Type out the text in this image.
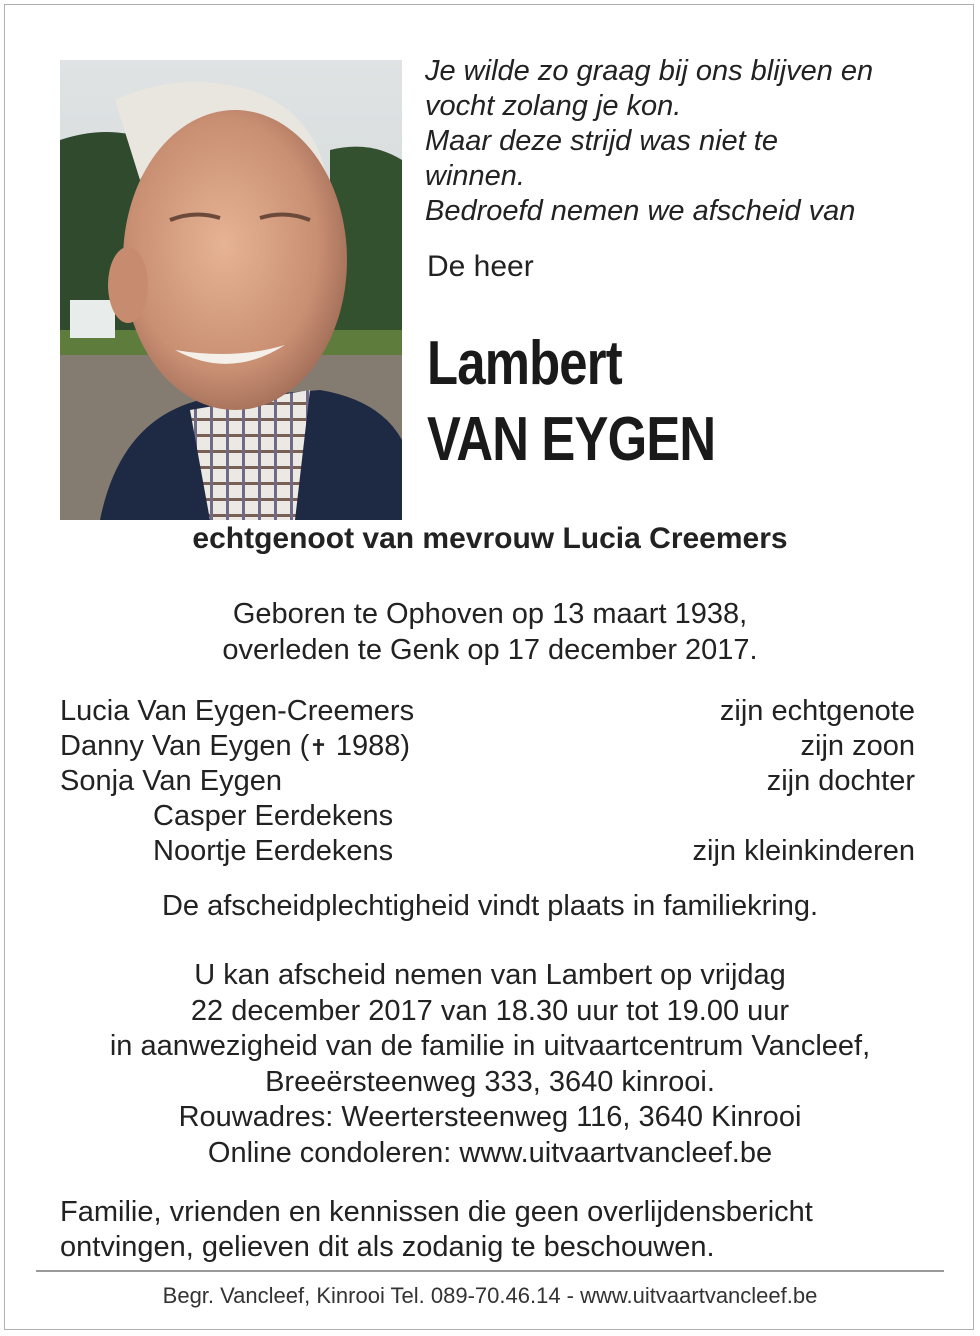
Je wilde zo graag bij ons blijven en
vocht zolang je kon.
Maar deze strijd was niet te
winnen.
Bedroefd nemen we afscheid van
De heer
Lambert
VAN EYGEN
echtgenoot van mevrouw Lucia Creemers
Geboren te Ophoven op 13 maart 1938,
overleden te Genk op 17 december 2017.
Lucia Van Eygen-Creemers	zijn echtgenote
Danny Van Eygen (✝ 1988)	zijn zoon
Sonja Van Eygen	zijn dochter
Casper Eerdekens
Noortje Eerdekens	zijn kleinkinderen
De afscheidplechtigheid vindt plaats in familiekring.
U kan afscheid nemen van Lambert op vrijdag
22 december 2017 van 18.30 uur tot 19.00 uur
in aanwezigheid van de familie in uitvaartcentrum Vancleef,
Breeërsteenweg 333, 3640 kinrooi.
Rouwadres: Weertersteenweg 116, 3640 Kinrooi
Online condoleren: www.uitvaartvancleef.be
Familie, vrienden en kennissen die geen overlijdensbericht
ontvingen, gelieven dit als zodanig te beschouwen.
Begr. Vancleef, Kinrooi Tel. 089-70.46.14 - www.uitvaartvancleef.be
